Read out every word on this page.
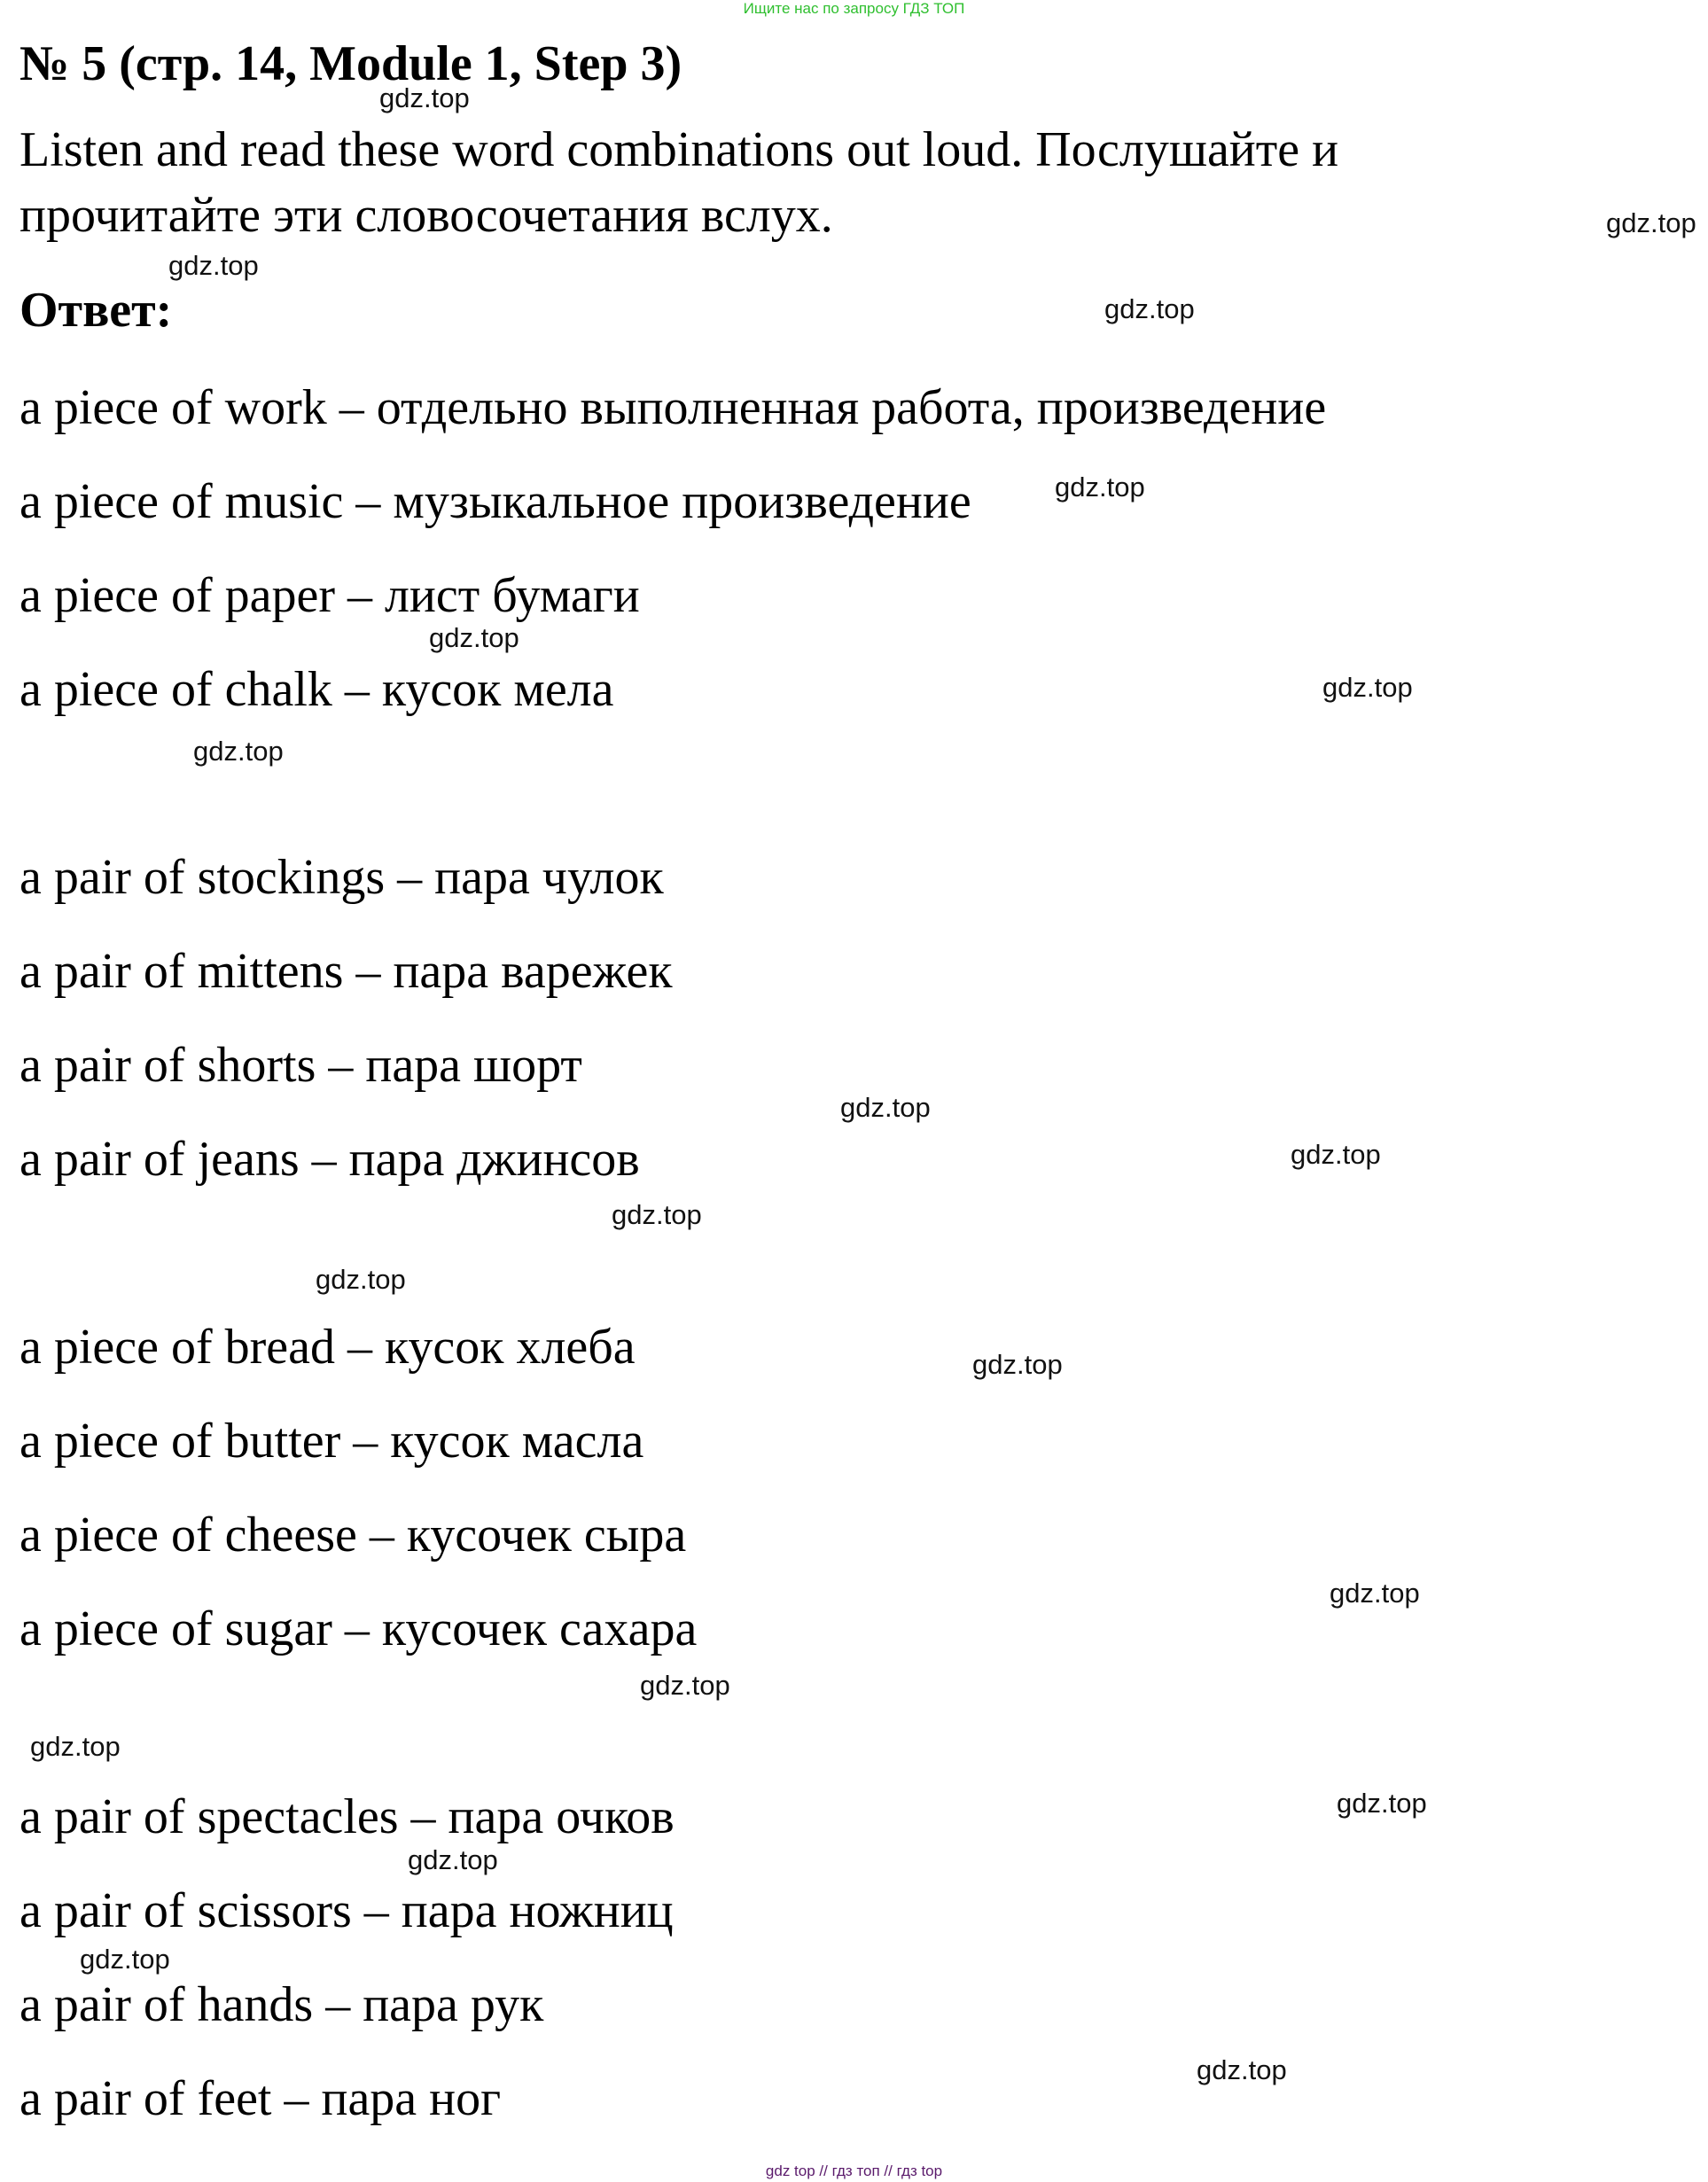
Ищите нас по запросу ГДЗ ТОП
№ 5 (стр. 14, Module 1, Step 3)

Listen and read these word combinations out loud. Послушайте и прочитайте эти словосочетания вслух.

Ответ:

a piece of work – отдельно выполненная работа, произведение

a piece of music – музыкальное произведение

a piece of paper – лист бумаги

a piece of chalk – кусок мела

a pair of stockings – пара чулок

a pair of mittens – пара варежек

a pair of shorts – пара шорт

a pair of jeans – пара джинсов

a piece of bread – кусок хлеба

a piece of butter – кусок масла

a piece of cheese – кусочек сыра

a piece of sugar – кусочек сахара

a pair of spectacles – пара очков

a pair of scissors – пара ножниц

a pair of hands – пара рук

a pair of feet – пара ног

gdz.top
gdz.top
gdz.top
gdz.top
gdz.top
gdz.top
gdz.top
gdz.top
gdz.top
gdz.top
gdz.top
gdz.top
gdz.top
gdz.top
gdz.top
gdz.top
gdz.top
gdz.top
gdz.top
gdz.top
gdz top // гдз топ // гдз top
